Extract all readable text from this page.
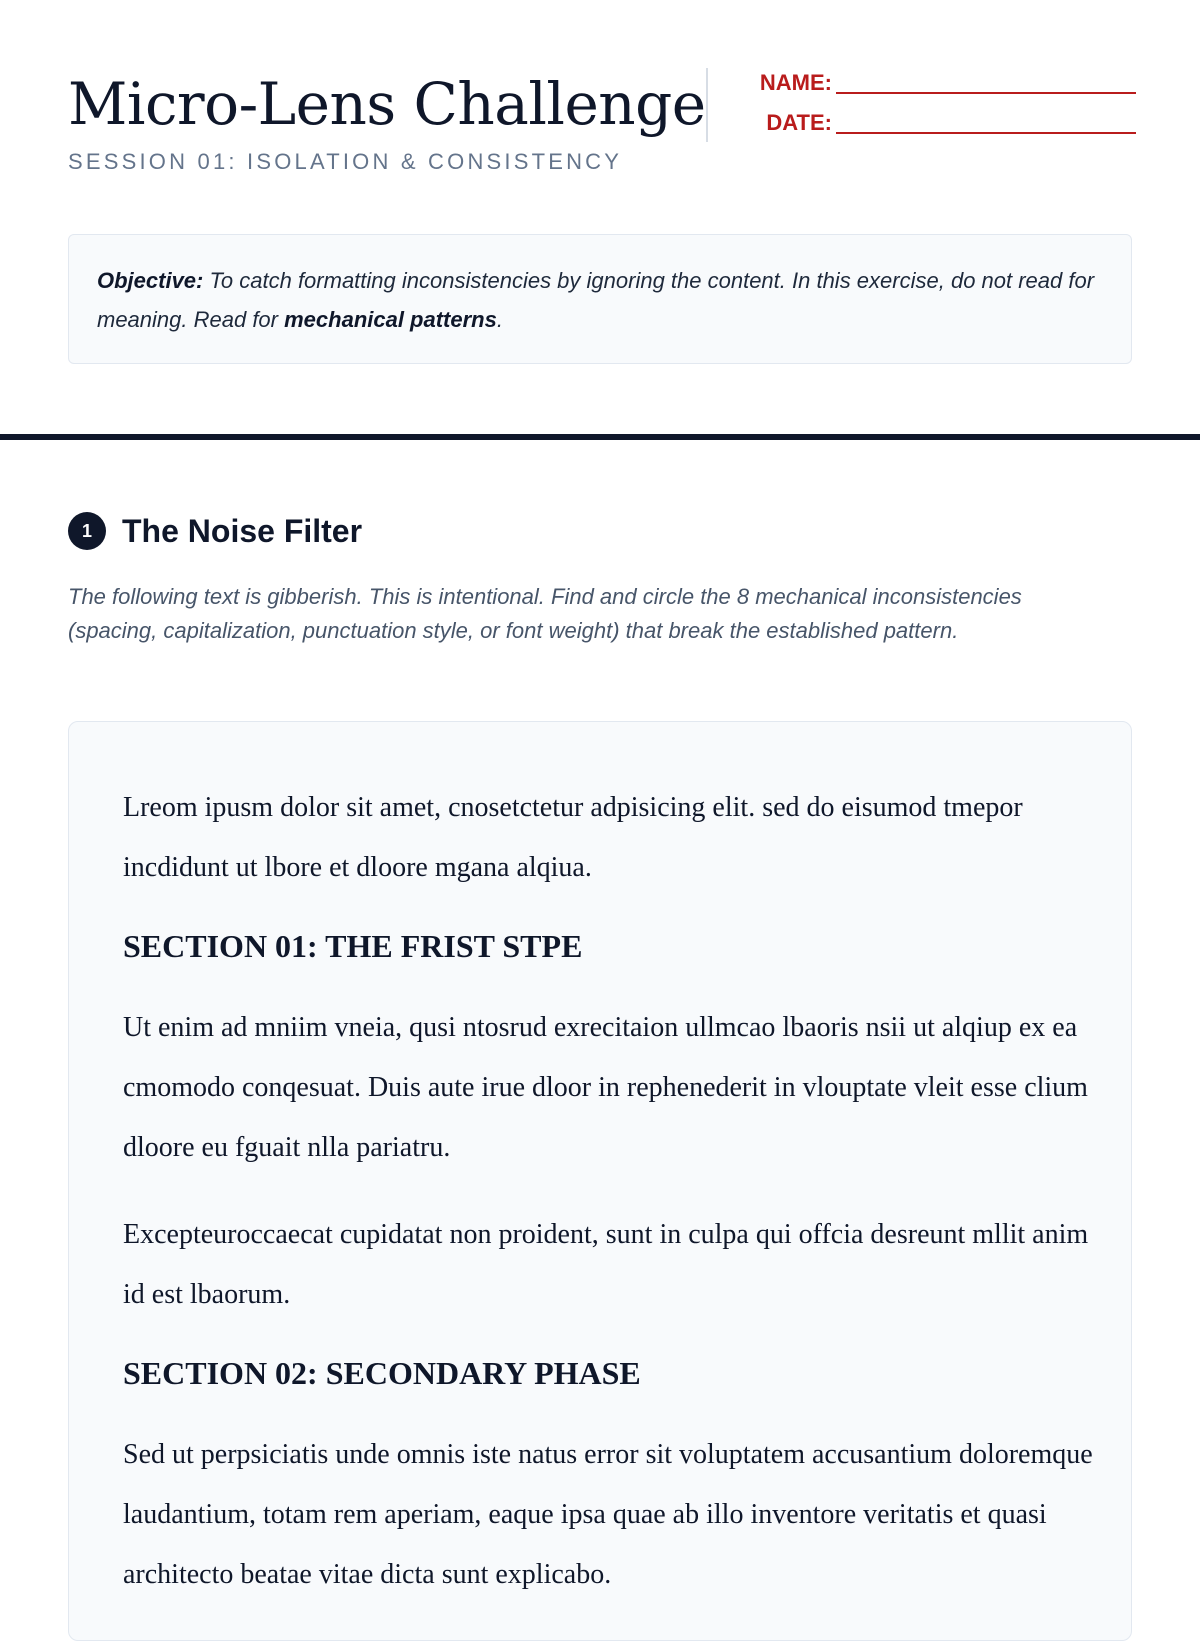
Micro-Lens Challenge
SESSION 01: ISOLATION & CONSISTENCY
NAME:
DATE:
Objective: To catch formatting inconsistencies by ignoring the content. In this exercise, do not read for meaning. Read for mechanical patterns.
1 The Noise Filter
The following text is gibberish. This is intentional. Find and circle the 8 mechanical inconsistencies (spacing, capitalization, punctuation style, or font weight) that break the established pattern.
Lreom ipusm dolor sit amet, cnosetctetur adpisicing elit. sed do eisumod tmepor incdidunt ut lbore et dloore mgana alqiua.
SECTION 01: THE FRIST STPE
Ut enim ad mniim vneia, qusi ntosrud exrecitaion ullmcao lbaoris nsii ut alqiup ex ea cmomodo conqesuat. Duis aute irue dloor in rephenederit in vlouptate vleit esse clium dloore eu fguait nlla pariatru.
Excepteuroccaecat cupidatat non proident, sunt in culpa qui offcia desreunt mllit anim id est lbaorum.
SECTION 02: SECONDARY PHASE
Sed ut perpsiciatis unde omnis iste natus error sit voluptatem accusantium doloremque laudantium, totam rem aperiam, eaque ipsa quae ab illo inventore veritatis et quasi architecto beatae vitae dicta sunt explicabo.
